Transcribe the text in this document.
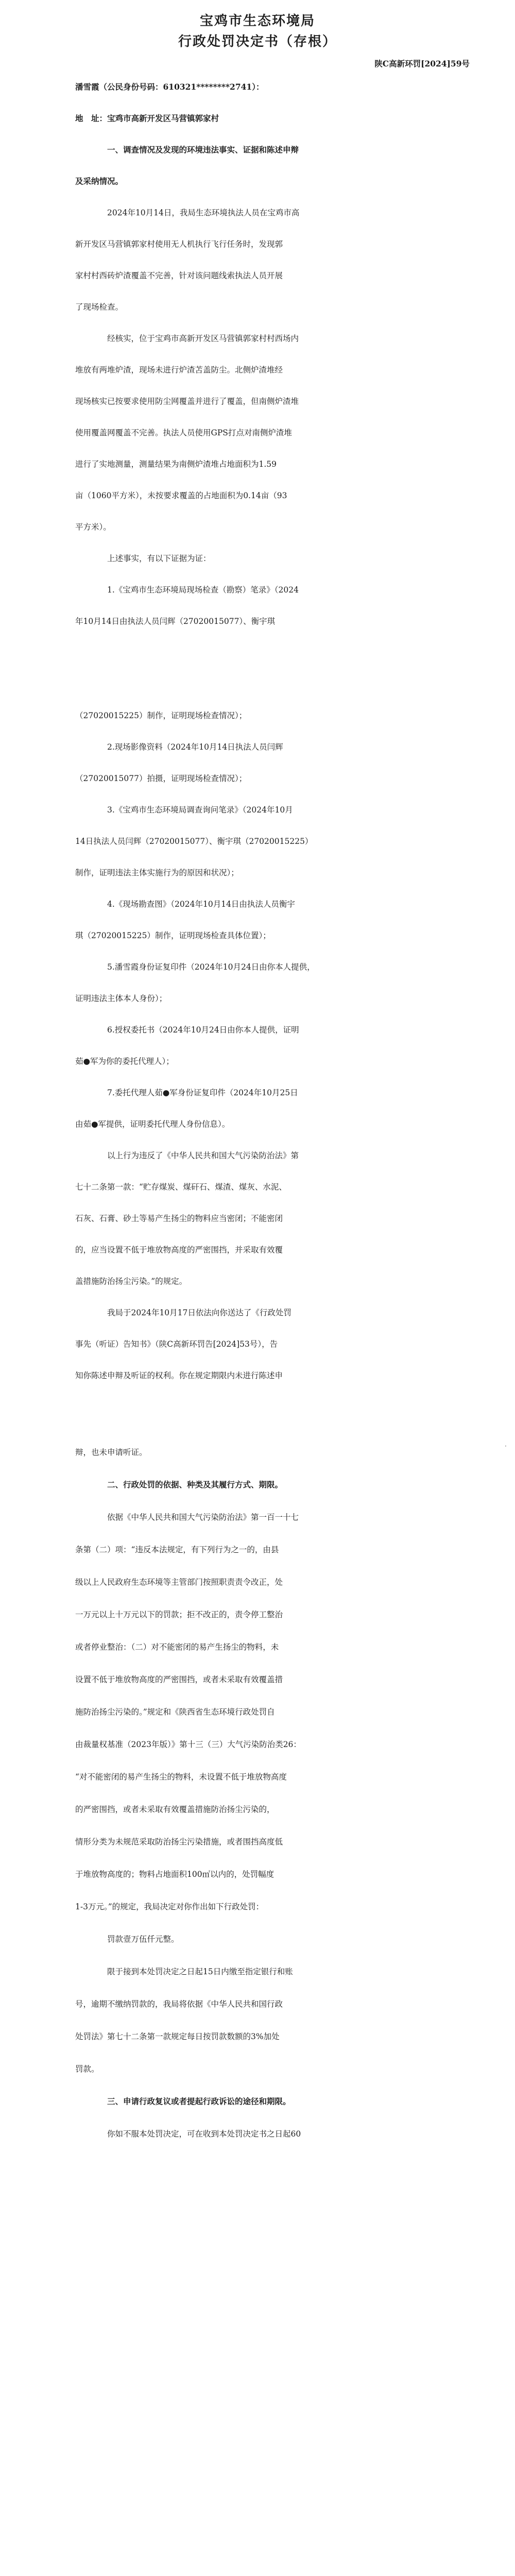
宝鸡市生态环境局
行政处罚决定书（存根）
陕C高新环罚[2024]59号
潘雪霞（公民身份号码：610321********2741）：
地　址：宝鸡市高新开发区马营镇郭家村
一、调查情况及发现的环境违法事实、证据和陈述申辩
及采纳情况。
2024年10月14日，我局生态环境执法人员在宝鸡市高
新开发区马营镇郭家村使用无人机执行飞行任务时，发现郭
家村村西砖炉渣覆盖不完善，针对该问题线索执法人员开展
了现场检查。
经核实，位于宝鸡市高新开发区马营镇郭家村村西场内
堆放有两堆炉渣，现场未进行炉渣苫盖防尘。北侧炉渣堆经
现场核实已按要求使用防尘网覆盖并进行了覆盖，但南侧炉渣堆
使用覆盖网覆盖不完善。执法人员使用GPS打点对南侧炉渣堆
进行了实地测量，测量结果为南侧炉渣堆占地面积为1.59
亩（1060平方米），未按要求覆盖的占地面积为0.14亩（93
平方米）。
上述事实，有以下证据为证：
1.《宝鸡市生态环境局现场检查（勘察）笔录》（2024
年10月14日由执法人员闫辉（27020015077）、衡宇琪
（27020015225）制作，证明现场检查情况）；
2.现场影像资料（2024年10月14日执法人员闫辉
（27020015077）拍摄，证明现场检查情况）；
3.《宝鸡市生态环境局调查询问笔录》（2024年10月
14日执法人员闫辉（27020015077）、衡宇琪（27020015225）
制作，证明违法主体实施行为的原因和状况）；
4.《现场勘查图》（2024年10月14日由执法人员衡宇
琪（27020015225）制作，证明现场检查具体位置）；
5.潘雪霞身份证复印件（2024年10月24日由你本人提供，
证明违法主体本人身份）；
6.授权委托书（2024年10月24日由你本人提供，证明
茹●军为你的委托代理人）；
7.委托代理人茹●军身份证复印件（2024年10月25日
由茹●军提供，证明委托代理人身份信息）。
以上行为违反了《中华人民共和国大气污染防治法》第
七十二条第一款：“贮存煤炭、煤矸石、煤渣、煤灰、水泥、
石灰、石膏、砂土等易产生扬尘的物料应当密闭；不能密闭
的，应当设置不低于堆放物高度的严密围挡，并采取有效覆
盖措施防治扬尘污染。”的规定。
我局于2024年10月17日依法向你送达了《行政处罚
事先（听证）告知书》（陕C高新环罚告[2024]53号），告
知你陈述申辩及听证的权利。你在规定期限内未进行陈述申
辩，也未申请听证。
二、行政处罚的依据、种类及其履行方式、期限。
依据《中华人民共和国大气污染防治法》第一百一十七
条第（二）项：“违反本法规定，有下列行为之一的，由县
级以上人民政府生态环境等主管部门按照职责责令改正，处
一万元以上十万元以下的罚款；拒不改正的，责令停工整治
或者停业整治：（二）对不能密闭的易产生扬尘的物料，未
设置不低于堆放物高度的严密围挡，或者未采取有效覆盖措
施防治扬尘污染的。”规定和《陕西省生态环境行政处罚自
由裁量权基准（2023年版）》第十三（三）大气污染防治类26：
“对不能密闭的易产生扬尘的物料，未设置不低于堆放物高度
的严密围挡，或者未采取有效覆盖措施防治扬尘污染的，
情形分类为未规范采取防治扬尘污染措施，或者围挡高度低
于堆放物高度的；物料占地面积100㎡以内的，处罚幅度
1-3万元。”的规定，我局决定对你作出如下行政处罚：
罚款壹万伍仟元整。
限于接到本处罚决定之日起15日内缴至指定银行和账
号，逾期不缴纳罚款的，我局将依据《中华人民共和国行政
处罚法》第七十二条第一款规定每日按罚款数额的3%加处
罚款。
三、申请行政复议或者提起行政诉讼的途径和期限。
你如不服本处罚决定，可在收到本处罚决定书之日起60
·
